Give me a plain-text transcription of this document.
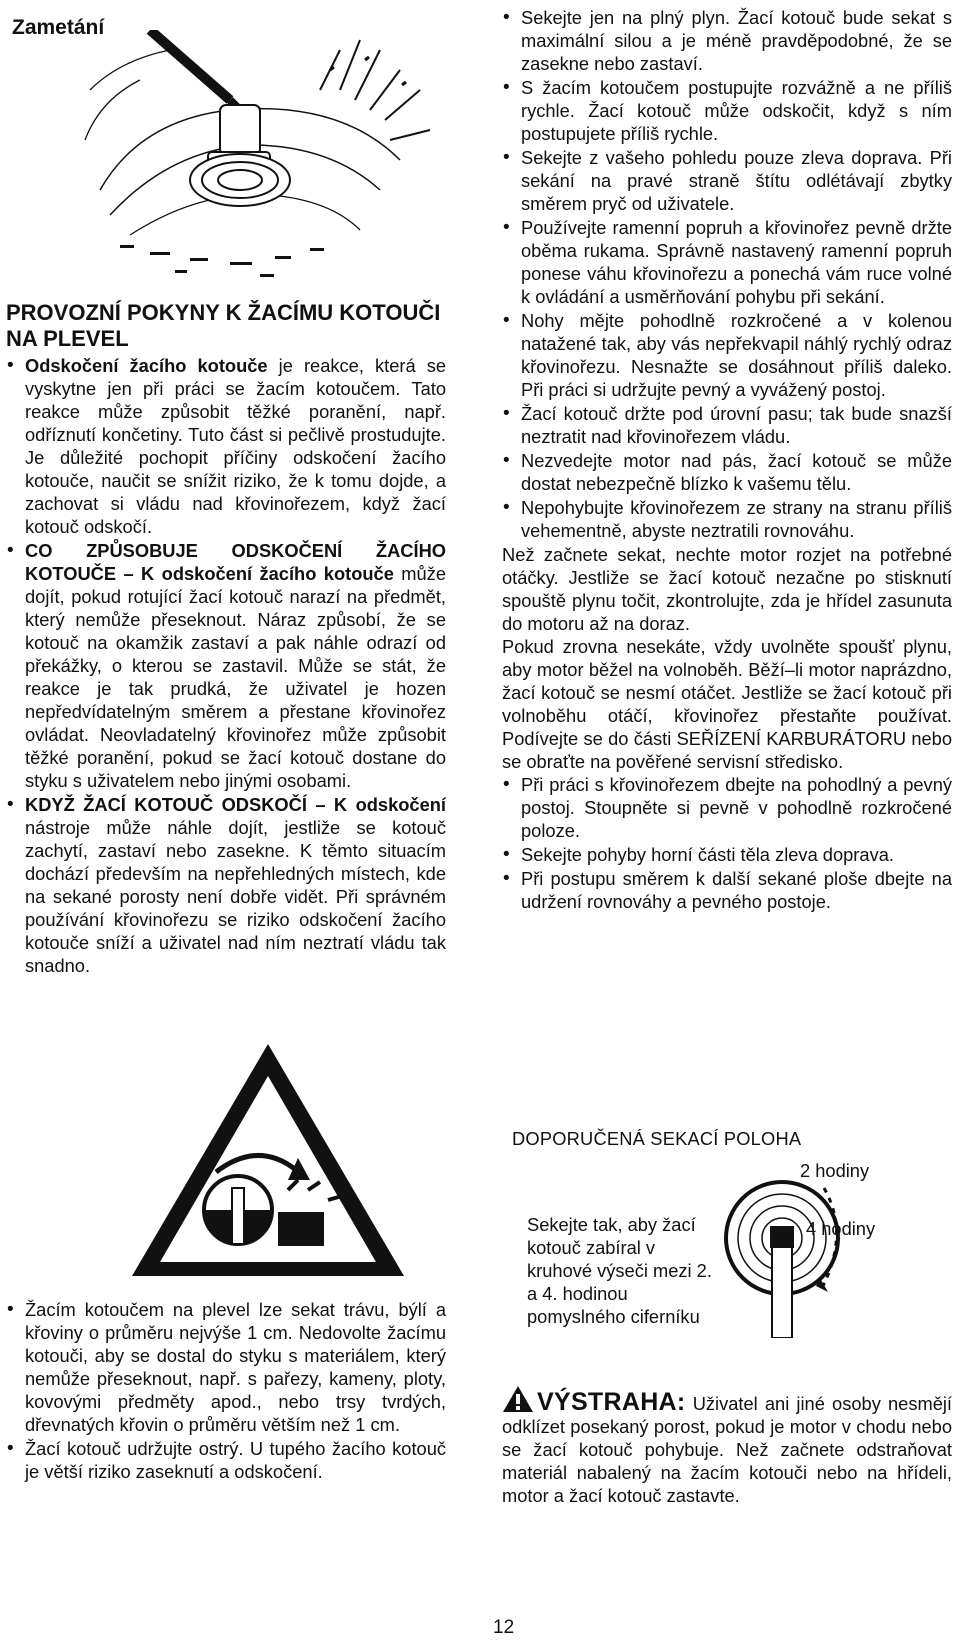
Zametání
PROVOZNÍ POKYNY K ŽACÍMU KOTOUČI NA PLEVEL
• Odskočení žacího kotouče je reakce, která se vyskytne jen při práci se žacím kotoučem. Tato reakce může způsobit těžké poranění, např. odříznutí končetiny. Tuto část si pečlivě prostudujte. Je důležité pochopit příčiny odskočení žacího kotouče, naučit se snížit riziko, že k tomu dojde, a zachovat si vládu nad křovinořezem, když žací kotouč odskočí.
• CO ZPŮSOBUJE ODSKOČENÍ ŽACÍHO KOTOUČE – K odskočení žacího kotouče může dojít, pokud rotující žací kotouč narazí na předmět, který nemůže přeseknout. Náraz způsobí, že se kotouč na okamžik zastaví a pak náhle odrazí od překážky, o kterou se zastavil. Může se stát, že reakce je tak prudká, že uživatel je hozen nepředvídatelným směrem a přestane křovinořez ovládat. Neovladatelný křovinořez může způsobit těžké poranění, pokud se žací kotouč dostane do styku s uživatelem nebo jinými osobami.
• KDYŽ ŽACÍ KOTOUČ ODSKOČÍ – K odskočení nástroje může náhle dojít, jestliže se kotouč zachytí, zastaví nebo zasekne. K těmto situacím dochází především na nepřehledných místech, kde na sekané porosty není dobře vidět. Při správném používání křovinořezu se riziko odskočení žacího kotouče sníží a uživatel nad ním neztratí vládu tak snadno.
• Žacím kotoučem na plevel lze sekat trávu, býlí a křoviny o průměru nejvýše 1 cm. Nedovolte žacímu kotouči, aby se dostal do styku s materiálem, který nemůže přeseknout, např. s pařezy, kameny, ploty, kovovými předměty apod., nebo trsy tvrdých, dřevnatých křovin o průměru větším než 1 cm.
• Žací kotouč udržujte ostrý. U tupého žacího kotouč je větší riziko zaseknutí a odskočení.
• Sekejte jen na plný plyn. Žací kotouč bude sekat s maximální silou a je méně pravděpodobné, že se zasekne nebo zastaví.
• S žacím kotoučem postupujte rozvážně a ne příliš rychle. Žací kotouč může odskočit, když s ním postupujete příliš rychle.
• Sekejte z vašeho pohledu pouze zleva doprava. Při sekání na pravé straně štítu odlétávají zbytky směrem pryč od uživatele.
• Používejte ramenní popruh a křovinořez pevně držte oběma rukama. Správně nastavený ramenní popruh ponese váhu křovinořezu a ponechá vám ruce volné k ovládání a usměrňování pohybu při sekání.
• Nohy mějte pohodlně rozkročené a v kolenou natažené tak, aby vás nepřekvapil náhlý rychlý odraz křovinořezu. Nesnažte se dosáhnout příliš daleko. Při práci si udržujte pevný a vyvážený postoj.
• Žací kotouč držte pod úrovní pasu; tak bude snazší neztratit nad křovinořezem vládu.
• Nezvedejte motor nad pás, žací kotouč se může dostat nebezpečně blízko k vašemu tělu.
• Nepohybujte křovinořezem ze strany na stranu příliš vehementně, abyste neztratili rovnováhu.

Než začnete sekat, nechte motor rozjet na potřebné otáčky. Jestliže se žací kotouč nezačne po stisknutí spouště plynu točit, zkontrolujte, zda je hřídel zasunuta do motoru až na doraz.

Pokud zrovna nesekáte, vždy uvolněte spoušť plynu, aby motor běžel na volnoběh. Běží–li motor naprázdno, žací kotouč se nesmí otáčet. Jestliže se žací kotouč při volnoběhu otáčí, křovinořez přestaňte používat. Podívejte se do části SEŘÍZENÍ KARBURÁTORU nebo se obraťte na pověřené servisní středisko.

• Při práci s křovinořezem dbejte na pohodlný a pevný postoj. Stoupněte si pevně v pohodlně rozkročené poloze.
• Sekejte pohyby horní části těla zleva doprava.
• Při postupu směrem k další sekané ploše dbejte na udržení rovnováhy a pevného postoje.
DOPORUČENÁ SEKACÍ POLOHA
Sekejte tak, aby žací kotouč zabíral v kruhové výseči mezi 2. a 4. hodinou pomyslného ciferníku
2 hodiny
4 hodiny
VÝSTRAHA: Uživatel ani jiné osoby nesmějí odklízet posekaný porost, pokud je motor v chodu nebo se žací kotouč pohybuje. Než začnete odstraňovat materiál nabalený na žacím kotouči nebo na hřídeli, motor a žací kotouč zastavte.
12
